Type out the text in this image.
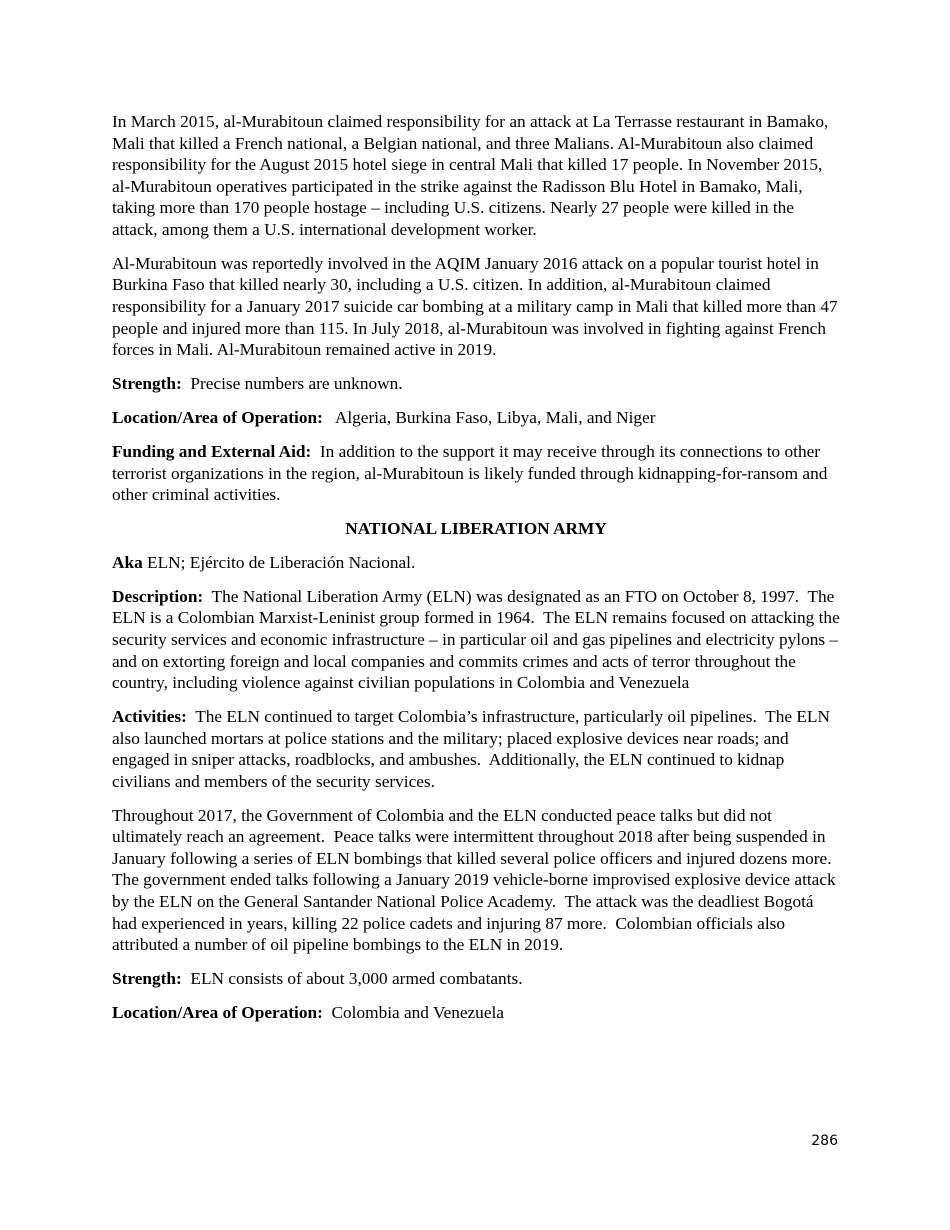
In March 2015, al-Murabitoun claimed responsibility for an attack at La Terrasse restaurant in Bamako, Mali that killed a French national, a Belgian national, and three Malians. Al-Murabitoun also claimed responsibility for the August 2015 hotel siege in central Mali that killed 17 people. In November 2015, al-Murabitoun operatives participated in the strike against the Radisson Blu Hotel in Bamako, Mali, taking more than 170 people hostage – including U.S. citizens. Nearly 27 people were killed in the attack, among them a U.S. international development worker.

Al-Murabitoun was reportedly involved in the AQIM January 2016 attack on a popular tourist hotel in Burkina Faso that killed nearly 30, including a U.S. citizen. In addition, al-Murabitoun claimed responsibility for a January 2017 suicide car bombing at a military camp in Mali that killed more than 47 people and injured more than 115. In July 2018, al-Murabitoun was involved in fighting against French forces in Mali. Al-Murabitoun remained active in 2019.

Strength:  Precise numbers are unknown.

Location/Area of Operation:   Algeria, Burkina Faso, Libya, Mali, and Niger

Funding and External Aid:  In addition to the support it may receive through its connections to other terrorist organizations in the region, al-Murabitoun is likely funded through kidnapping-for-ransom and other criminal activities.

NATIONAL LIBERATION ARMY

Aka ELN; Ejército de Liberación Nacional.

Description:  The National Liberation Army (ELN) was designated as an FTO on October 8, 1997.  The ELN is a Colombian Marxist-Leninist group formed in 1964.  The ELN remains focused on attacking the security services and economic infrastructure – in particular oil and gas pipelines and electricity pylons – and on extorting foreign and local companies and commits crimes and acts of terror throughout the country, including violence against civilian populations in Colombia and Venezuela

Activities:  The ELN continued to target Colombia’s infrastructure, particularly oil pipelines.  The ELN also launched mortars at police stations and the military; placed explosive devices near roads; and engaged in sniper attacks, roadblocks, and ambushes.  Additionally, the ELN continued to kidnap civilians and members of the security services.

Throughout 2017, the Government of Colombia and the ELN conducted peace talks but did not ultimately reach an agreement.  Peace talks were intermittent throughout 2018 after being suspended in January following a series of ELN bombings that killed several police officers and injured dozens more.  The government ended talks following a January 2019 vehicle-borne improvised explosive device attack by the ELN on the General Santander National Police Academy.  The attack was the deadliest Bogotá had experienced in years, killing 22 police cadets and injuring 87 more.  Colombian officials also attributed a number of oil pipeline bombings to the ELN in 2019.

Strength:  ELN consists of about 3,000 armed combatants.

Location/Area of Operation:  Colombia and Venezuela

286
